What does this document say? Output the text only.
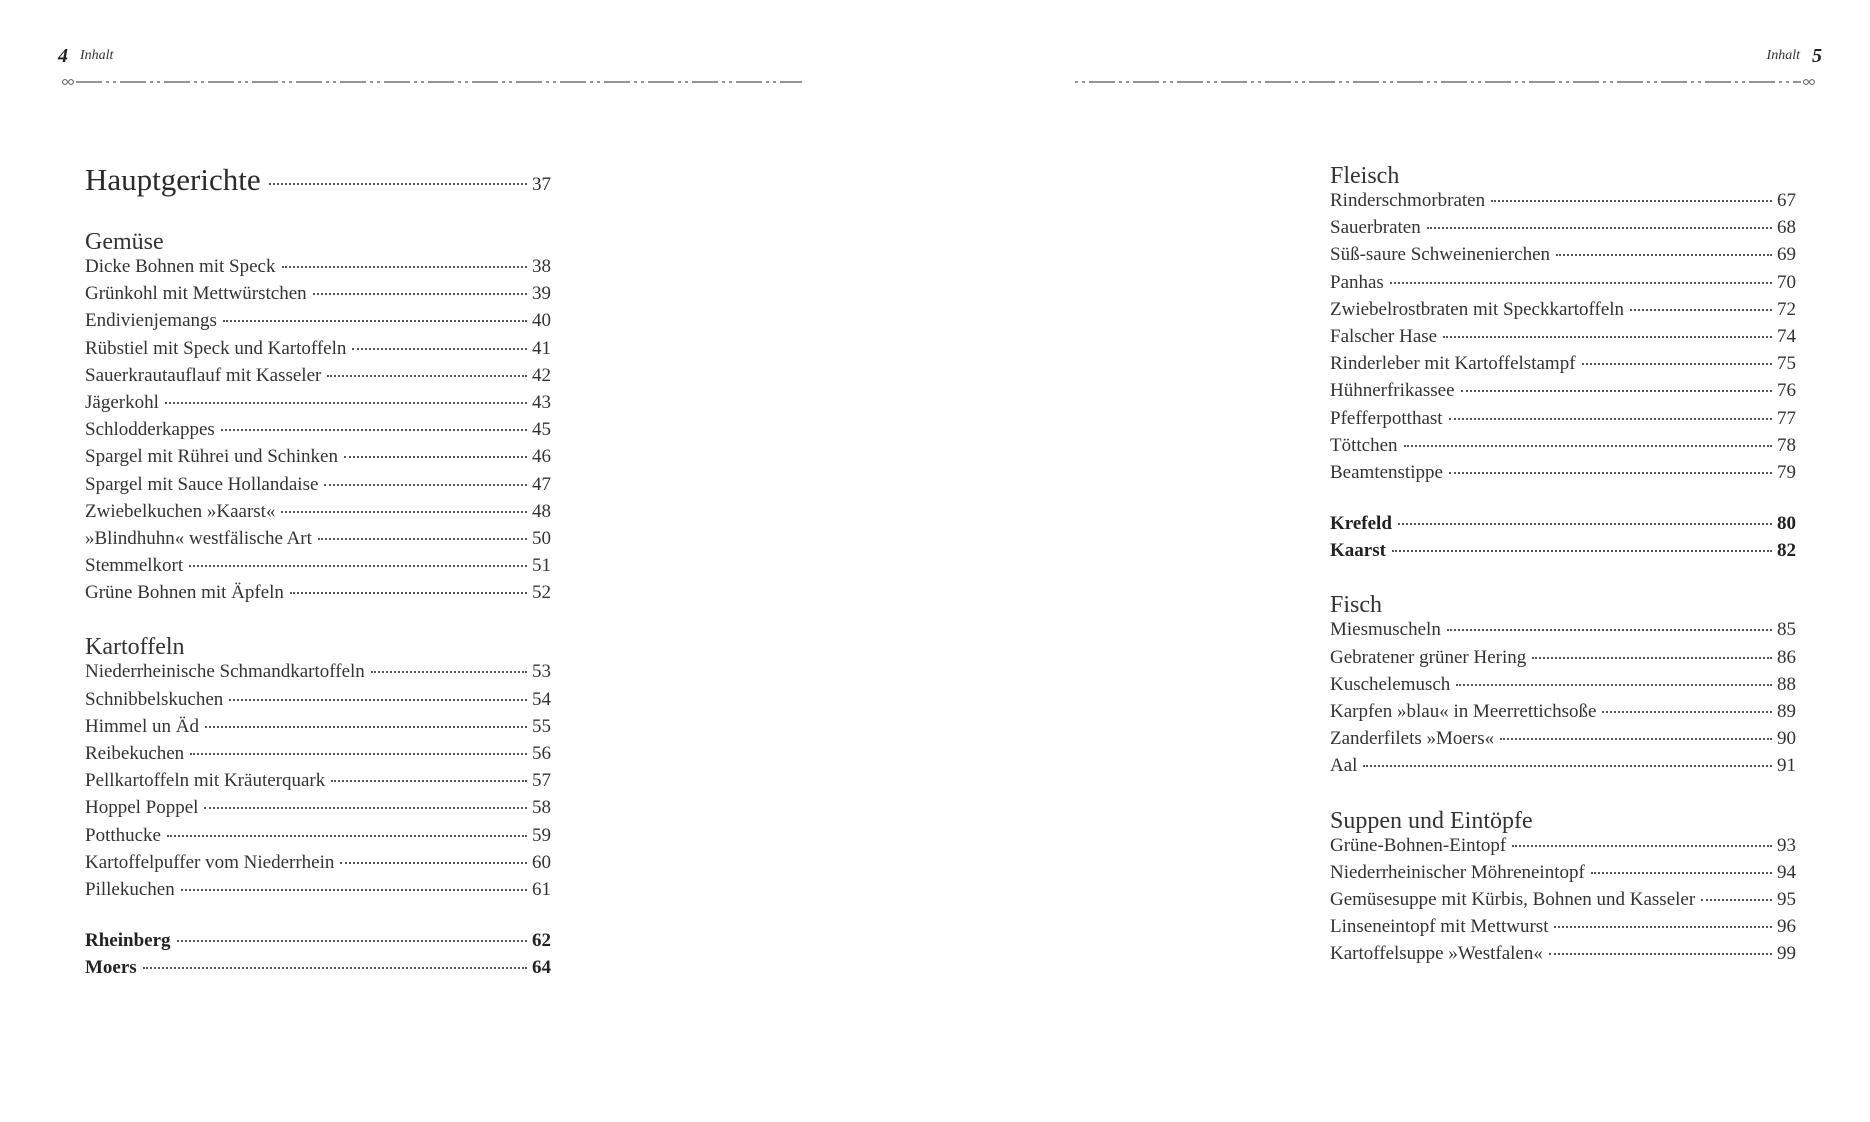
4 Inhalt	5
Inhalt
Hauptgerichte	37
Gemüse
Dicke Bohnen mit Speck	38
Grünkohl mit Mettwürstchen	39
Endivienjemangs	40
Rübstiel mit Speck und Kartoffeln	41
Sauerkrautauflauf mit Kasseler	42
Jägerkohl	43
Schlodderkappes	45
Spargel mit Rührei und Schinken	46
Spargel mit Sauce Hollandaise	47
Zwiebelkuchen »Kaarst«	48
»Blindhuhn« westfälische Art	50
Stemmelkort	51
Grüne Bohnen mit Äpfeln	52
Kartoffeln
Niederrheinische Schmandkartoffeln	53
Schnibbelskuchen	54
Himmel un Äd	55
Reibekuchen	56
Pellkartoffeln mit Kräuterquark	57
Hoppel Poppel	58
Potthucke	59
Kartoffelpuffer vom Niederrhein	60
Pillekuchen	61
Rheinberg	62
Moers	64
Fleisch
Rinderschmorbraten	67
Sauerbraten	68
Süß-saure Schweinenierchen	69
Panhas	70
Zwiebelrostbraten mit Speckkartoffeln	72
Falscher Hase	74
Rinderleber mit Kartoffelstampf	75
Hühnerfrikassee	76
Pfefferpotthast	77
Töttchen	78
Beamtenstippe	79
Krefeld	80
Kaarst	82
Fisch
Miesmuscheln	85
Gebratener grüner Hering	86
Kuschelemusch	88
Karpfen »blau« in Meerrettichsoße	89
Zanderfilets »Moers«	90
Aal	91
Suppen und Eintöpfe
Grüne-Bohnen-Eintopf	93
Niederrheinischer Möhreneintopf	94
Gemüsesuppe mit Kürbis, Bohnen und Kasseler	95
Linseneintopf mit Mettwurst	96
Kartoffelsuppe »Westfalen«	99
